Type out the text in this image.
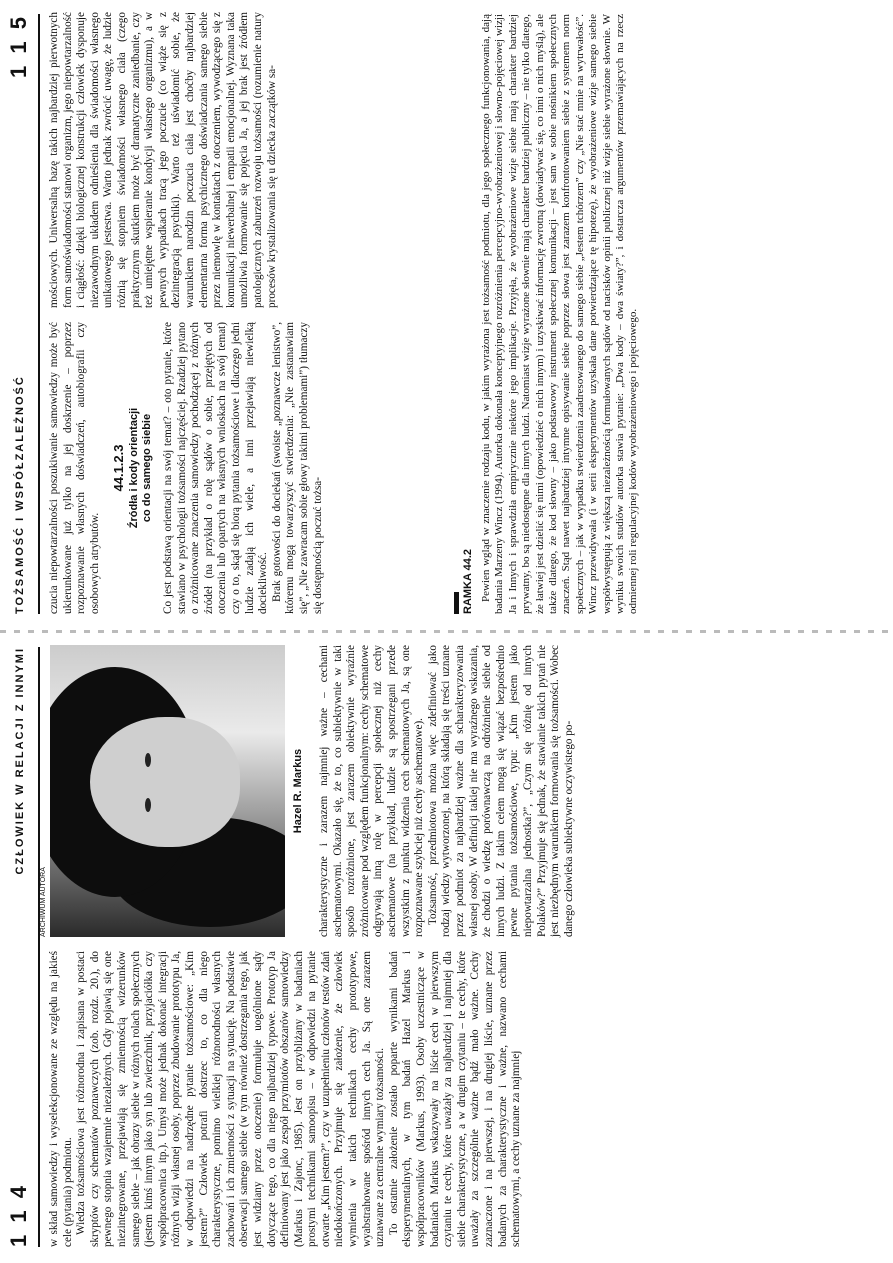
1 1 4
CZŁOWIEK W RELACJI Z INNYMI

w skład samowiedzy i wyselekcjonowane ze względu na jakieś cele (pytania) podmiotu. Wiedza tożsamościowa jest różnorodna i zapisana w postaci skryptów czy schematów poznawczych (zob. rozdz. 20.), do pewnego stopnia wzajemnie niezależnych. Gdy pojawią się one niezintegrowane, przejawiają się zmiennością wizerunków samego siebie – jak obrazy siebie w różnych rolach społecznych (jestem kimś innym jako syn lub zwierzchnik, przyjaciółka czy współpracownica itp.). Umysł może jednak dokonać integracji różnych wizji własnej osoby, poprzez zbudowanie prototypu Ja, w odpowiedzi na nadrzędne pytanie tożsamościowe: „Kim jestem?” Człowiek potrafi dostrzec to, co dla niego charakterystyczne, pomimo wielkiej różnorodności własnych zachowań i ich zmienności z sytuacji na sytuację. Na podstawie obserwacji samego siebie (w tym również dostrzegania tego, jak jest widziany przez otoczenie) formułuje uogólnione sądy dotyczące tego, co dla niego najbardziej typowe. Prototyp Ja definiowany jest jako zespół przymiotów obszarów samowiedzy (Markus i Zajonc, 1985). Jest on przybliżany w badaniach prostymi technikami samoopisu – w odpowiedzi na pytanie otwarte „Kim jestem?”, czy w uzupełnieniu członów testów zdań niedokończonych. Przyjmuje się założenie, że człowiek wymienia w takich technikach cechy prototypowe, wyabstrahowane spośród innych cech Ja. Są one zarazem uznawane za centralne wymiary tożsamości. To ostatnie założenie zostało poparte wynikami badań eksperymentalnych, w tym badań Hazel Markus i współpracowników (Markus, 1993). Osoby uczestniczące w badaniach Markus wskazywały na liście cech w pierwszym czytaniu te cechy, które uważały za najbardziej i najmniej dla siebie charakterystyczne, a w drugim czytaniu – te cechy, które uważały za szczególnie ważne bądź mało ważne. Cechy zaznaczone i na pierwszej, i na drugiej liście, uznane przez badanych za charakterystyczne i ważne, nazwano cechami schematowymi, a cechy uznane za najmniej

ARCHIWUM AUTORA
Hazel R. Markus charakterystyczne i zarazem najmniej ważne – cechami aschematowymi. Okazało się, że to, co subiektywnie w taki sposób rozróżnione, jest zarazem obiektywnie wyraźnie zróżnicowane pod względem funkcjonalnym: cechy schematowe odgrywają inną rolę w percepcji społecznej niż cechy aschematowe (na przykład, ludzie są spostrzegani przede wszystkim z punktu widzenia cech schematowych Ja, są one rozpoznawane szybciej niż cechy aschematowe). Tożsamość, przedmiotowa można więc zdefiniować jako rodzaj wiedzy wytworzonej, na którą składają się treści uznane przez podmiot za najbardziej ważne dla scharakteryzowania własnej osoby. W definicji takiej nie ma wyraźnego wskazania, że chodzi o wiedzę porównawczą na odróżnienie siebie od innych ludzi. Z takim celem mogą się wiązać bezpośrednio pewne pytania tożsamościowe, typu: „Kim jestem jako niepowtarzalna jednostka?”, „Czym się różnię od innych Polaków?” Przyjmuje się jednak, że stawianie takich pytań nie jest niezbędnym warunkiem formowania się tożsamości. Wobec danego człowieka subiektywne oczywistego po-

TOŻSAMOŚĆ I WSPÓŁZALEŻNOŚĆ
1 1 5

czucia niepowtarzalności poszukiwanie samowiedzy może być ukierunkowane już tylko na jej doskrzenie – poprzez rozpoznawanie własnych doświadczeń, autobiografii czy osobowych atrybutów.

44.1.2.3 Źródła i kody orientacji
co do samego siebie Co jest podstawą orientacji na swój temat? – oto pytanie, które stawiano w psychologii tożsamości najczęściej. Rzadziej pytano o zróżnicowane znaczenia samowiedzy pochodzącej z różnych źródeł (na przykład o rolę sądów o sobie, przejętych od otoczenia lub opartych na własnych wnioskach na swój temat) czy o to, skąd się biorą pytania tożsamościowe i dlaczego jedni ludzie zadają ich wiele, a inni przejawiają niewielką dociekliwość. Brak gotowości do dociekań (swoiste „poznawcze lenistwo”, któremu mogą towarzyszyć stwierdzenia: „Nie zastanawiam się”, „Nie zawracam sobie głowy takimi problemami”) tłumaczy się dostępnością poczuć tożsa-

mościowych. Uniwersalną bazę takich najbardziej pierwotnych form samoświadomości stanowi organizm, jego niepowtarzalność i ciągłość: dzięki biologicznej konstrukcji człowiek dysponuje niezawodnym układem odnieśienia dla świadomości własnego unikatowego jestestwa. Warto jednak zwrócić uwagę, że ludzie różnią się stopniem świadomości własnego ciała (czego praktycznym skutkiem może być dramatyczne zaniedbanie, czy też umiejętne wspieranie kondycji własnego organizmu), a w pewnych wypadkach tracą jego poczucie (co wiąże się z dezintegracją psychiki). Warto też uświadomić sobie, że warunkiem narodzin poczucia ciała jest choćby najbardziej elementarna forma psychicznego doświadczania samego siebie przez niemowlę w kontaktach z otoczeniem, wywodzącego się z komunikacji niewerbalnej i empatii emocjonalnej. Wyznana taka umożliwia formowanie się pojęcia Ja, a jej brak jest źródłem patologicznych zaburzeń rozwoju tożsamości (rozumienie natury procesów krystalizowania się u dziecka zaczątków sa-

RAMKA 44.2 Pewien wgląd w znaczenie rodzaju kodu, w jakim wyrażona jest tożsamość podmiotu, dla jego społecznego funkcjonowania, dają badania Marzeny Wincz (1994). Autorka dokonała konceptyjnego rozróżnienia percepcyjno-wyobrażeniowej i słowno-pojęciowej wizji Ja i Innych i sprawdziła empirycznie niektóre jego implikacje. Przyjęła, że wyobrażeniowe wizje siebie mają charakter bardziej prywatny, bo są niedostępne dla innych ludzi. Natomiast wizje wyrażone słownie mają charakter bardziej publiczny – nie tylko dlatego, że łatwiej jest dzielić się nimi (opowiedzieć o nich innym) i uzyskiwać informację zwrotną (dowiadywać się, co inni o nich myślą), ale także dlatego, że kod słowny – jako podstawowy instrument społecznej komunikacji – jest sam w sobie nośnikiem społecznych znaczeń. Stąd nawet najbardziej intymne opisywanie siebie poprzez słowa jest zarazem konfrontowaniem siebie z systemem norm społecznych – jak w wypadku stwierdzenia zaadresowanego do samego siebie „Jestem tchórzem” czy „Nie stać mnie na wytrwałość”. Wincz przewidywała (i w serii eksperymentów uzyskała dane potwierdzające tę hipotezę), że wyobrażeniowe wizje samego siebie współwystępują z większą niezależnością formułowanych sądów od nacisków opinii publicznej niż wizje siebie wyrażone słownie. W wyniku swoich studiów autorka stawia pytanie: „Dwa kody – dwa światy?”, i dostarcza argumentów przemawiających na rzecz odmiennej roli regulacyjnej kodów wyobrażeniowego i pojęciowego.
